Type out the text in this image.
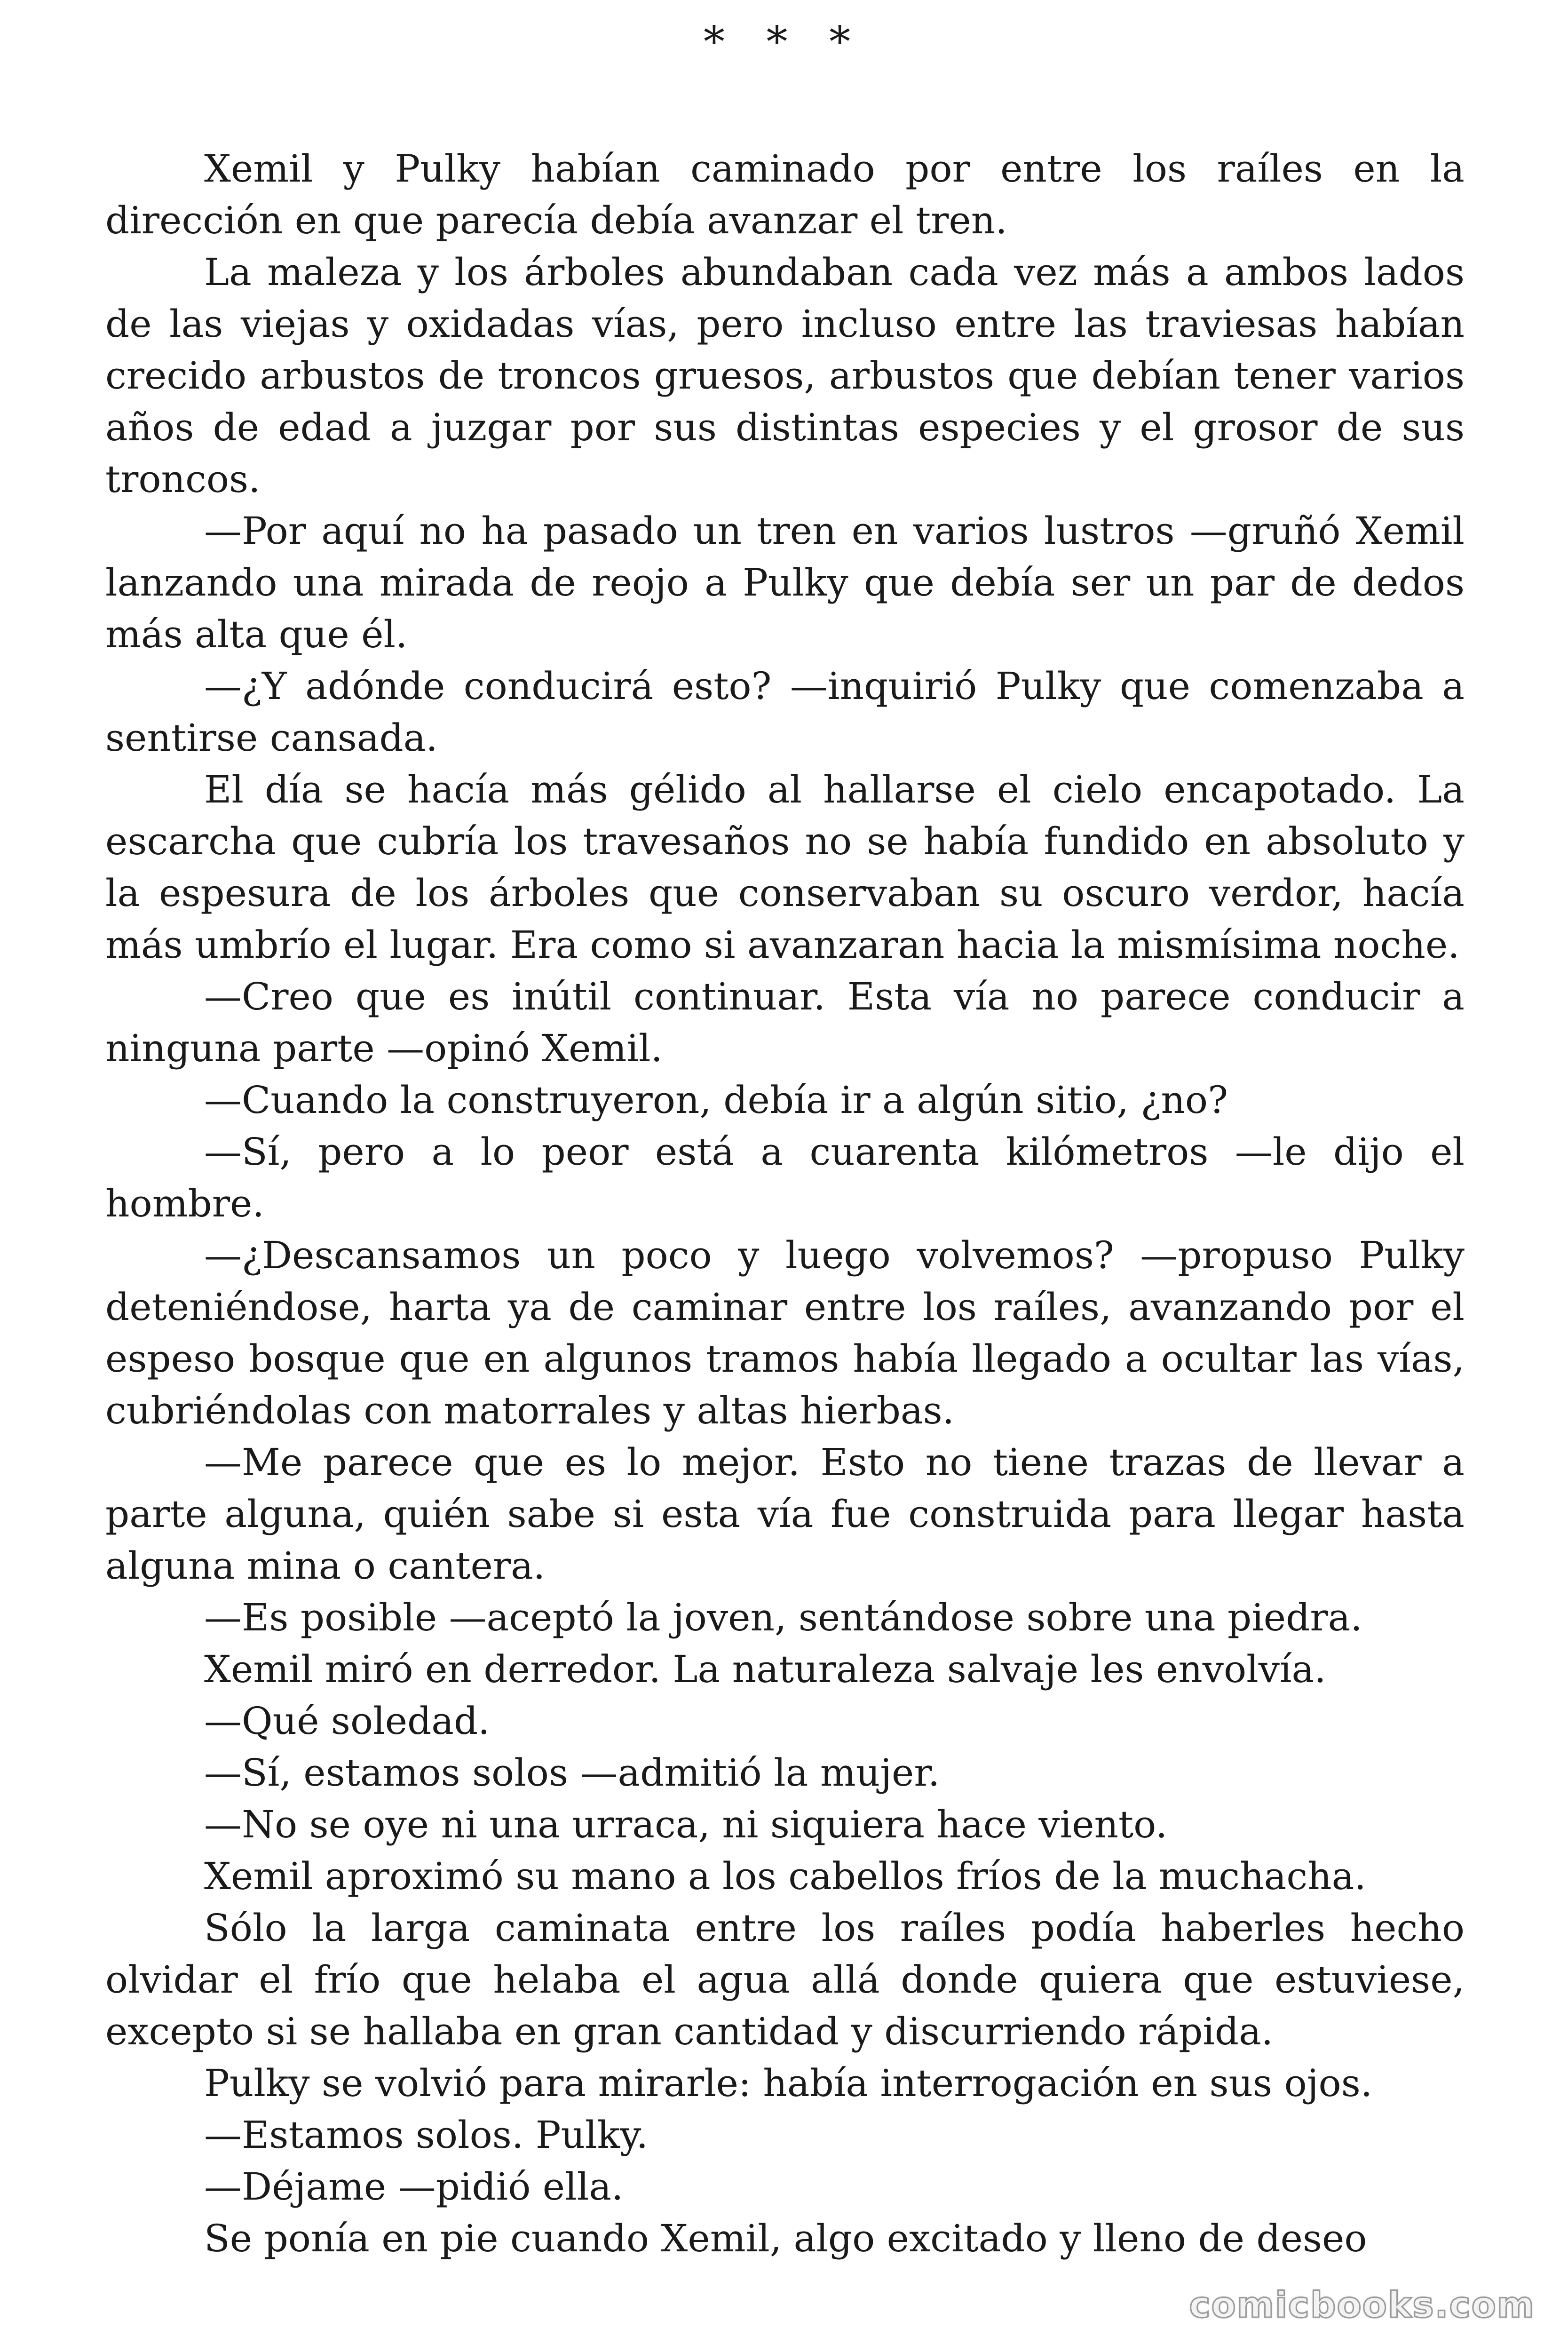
* * *

Xemil y Pulky habían caminado por entre los raíles en la dirección en que parecía debía avanzar el tren.

La maleza y los árboles abundaban cada vez más a ambos lados de las viejas y oxidadas vías, pero incluso entre las traviesas habían crecido arbustos de troncos gruesos, arbustos que debían tener varios años de edad a juzgar por sus distintas especies y el grosor de sus troncos.

—Por aquí no ha pasado un tren en varios lustros —gruñó Xemil lanzando una mirada de reojo a Pulky que debía ser un par de dedos más alta que él.

—¿Y adónde conducirá esto? —inquirió Pulky que comenzaba a sentirse cansada.

El día se hacía más gélido al hallarse el cielo encapotado. La escarcha que cubría los travesaños no se había fundido en absoluto y la espesura de los árboles que conservaban su oscuro verdor, hacía más umbrío el lugar. Era como si avanzaran hacia la mismísima noche.

—Creo que es inútil continuar. Esta vía no parece conducir a ninguna parte —opinó Xemil.

—Cuando la construyeron, debía ir a algún sitio, ¿no?

—Sí, pero a lo peor está a cuarenta kilómetros —le dijo el hombre.

—¿Descansamos un poco y luego volvemos? —propuso Pulky deteniéndose, harta ya de caminar entre los raíles, avanzando por el espeso bosque que en algunos tramos había llegado a ocultar las vías, cubriéndolas con matorrales y altas hierbas.

—Me parece que es lo mejor. Esto no tiene trazas de llevar a parte alguna, quién sabe si esta vía fue construida para llegar hasta alguna mina o cantera.

—Es posible —aceptó la joven, sentándose sobre una piedra.

Xemil miró en derredor. La naturaleza salvaje les envolvía.

—Qué soledad.

—Sí, estamos solos —admitió la mujer.

—No se oye ni una urraca, ni siquiera hace viento.

Xemil aproximó su mano a los cabellos fríos de la muchacha.

Sólo la larga caminata entre los raíles podía haberles hecho olvidar el frío que helaba el agua allá donde quiera que estuviese, excepto si se hallaba en gran cantidad y discurriendo rápida.

Pulky se volvió para mirarle: había interrogación en sus ojos.

—Estamos solos. Pulky.

—Déjame —pidió ella.

Se ponía en pie cuando Xemil, algo excitado y lleno de deseo

comicbooks.com
